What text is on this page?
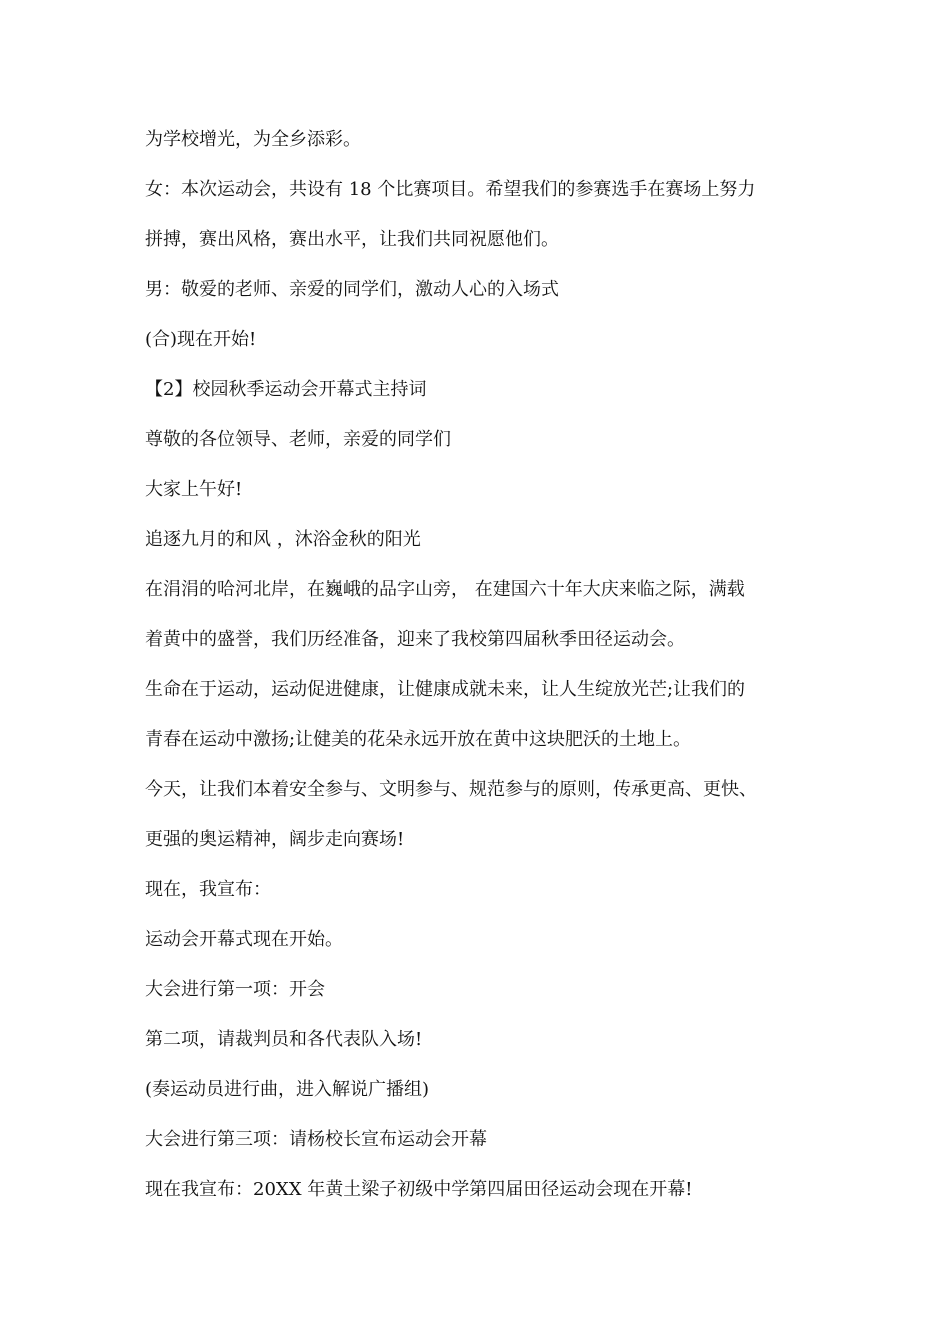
为学校增光，为全乡添彩。
女：本次运动会，共设有 18 个比赛项目。希望我们的参赛选手在赛场上努力
拼搏，赛出风格，赛出水平，让我们共同祝愿他们。
男：敬爱的老师、亲爱的同学们，激动人心的入场式
(合)现在开始!
【2】校园秋季运动会开幕式主持词
尊敬的各位领导、老师，亲爱的同学们
大家上午好!
追逐九月的和风 ，沐浴金秋的阳光
在涓涓的哈河北岸，在巍峨的品字山旁， 在建国六十年大庆来临之际，满载
着黄中的盛誉，我们历经准备，迎来了我校第四届秋季田径运动会。
生命在于运动，运动促进健康，让健康成就未来，让人生绽放光芒;让我们的
青春在运动中激扬;让健美的花朵永远开放在黄中这块肥沃的土地上。
今天，让我们本着安全参与、文明参与、规范参与的原则，传承更高、更快、
更强的奥运精神，阔步走向赛场!
现在，我宣布：
运动会开幕式现在开始。
大会进行第一项：开会
第二项，请裁判员和各代表队入场!
(奏运动员进行曲，进入解说广播组)
大会进行第三项：请杨校长宣布运动会开幕
现在我宣布：20XX 年黄土梁子初级中学第四届田径运动会现在开幕!
